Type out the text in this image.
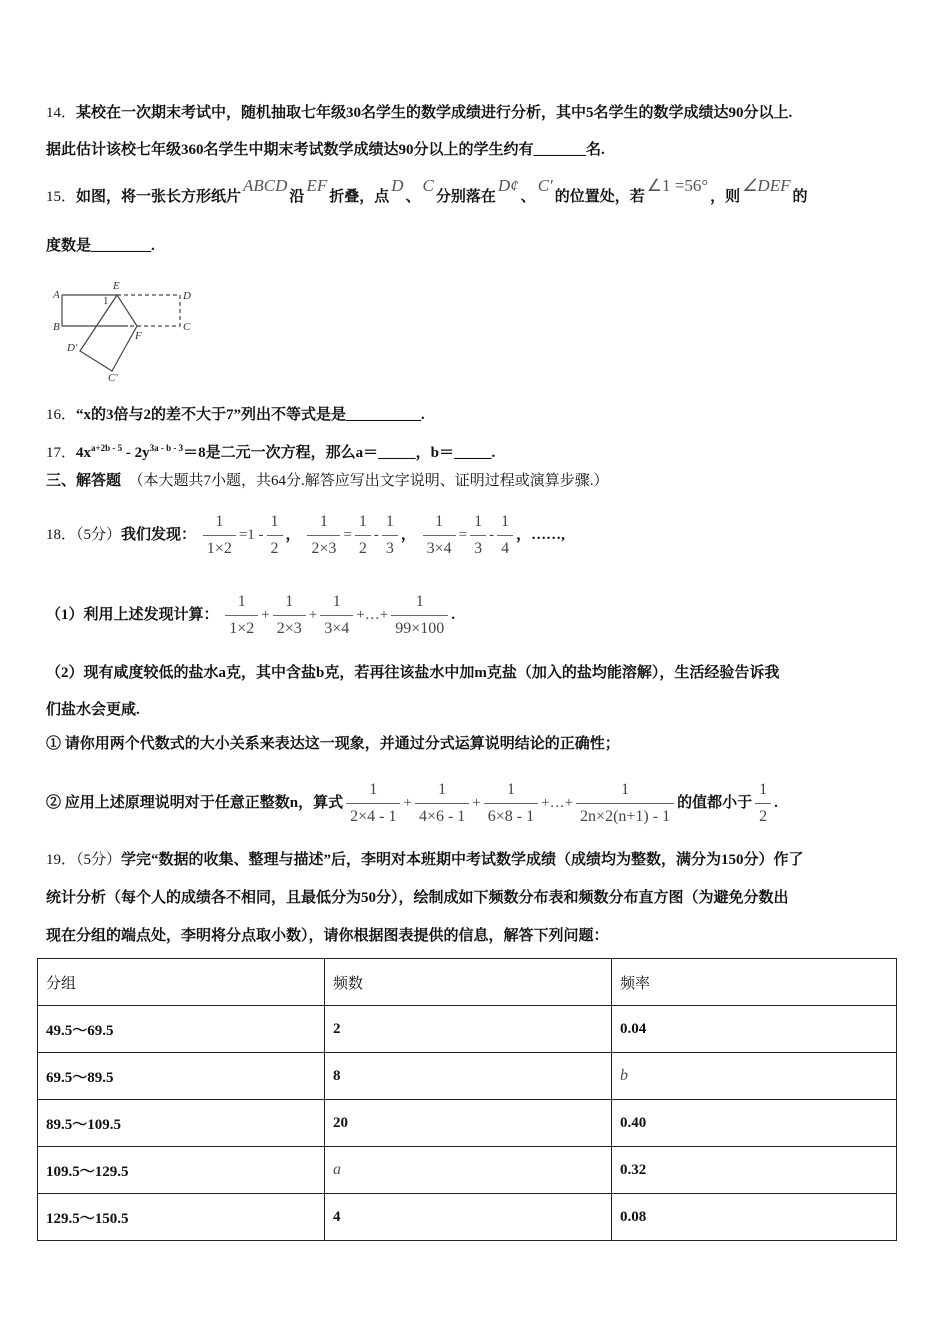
14．某校在一次期末考试中，随机抽取七年级30名学生的数学成绩进行分析，其中5名学生的数学成绩达90分以上.
据此估计该校七年级360名学生中期末考试数学成绩达90分以上的学生约有_______名.
15．如图，将一张长方形纸片ABCD沿EF折叠，点D、C分别落在D¢、C′的位置处，若∠1 =56°，则∠DEF的
度数是________.
A
E
D
B	C
F
D'
C'
1
16．“x的3倍与2的差不大于7”列出不等式是是__________.
17．$4x^{a+2b - 5} - 2y^{3a - b - 3}=8$是二元一次方程，那么a＝_____，b＝_____.
三、解答题 （本大题共7小题，共64分.解答应写出文字说明、证明过程或演算步骤.）
18．（5分）我们发现： $\frac{1}{1\times 2} =1 - \frac{1}{2}$ ， $\frac{1}{2\times 3} = \frac{1}{2} - \frac{1}{3}$ ， $\frac{1}{3\times 4} = \frac{1}{3} - \frac{1}{4}$ ，……,
（1）利用上述发现计算： $\frac{1}{1\times 2} + \frac{1}{2\times 3} + \frac{1}{3\times 4}$ +…+ $\frac{1}{99\times 100}$ .
（2）现有咸度较低的盐水a克，其中含盐b克，若再往该盐水中加m克盐（加入的盐均能溶解），生活经验告诉我
们盐水会更咸.
① 请你用两个代数式的大小关系来表达这一现象，并通过分式运算说明结论的正确性；
② 应用上述原理说明对于任意正整数n，算式 $\frac{1}{2\times 4 - 1} + \frac{1}{4\times 6 - 1} + \frac{1}{6\times 8 - 1}$ +…+ $\frac{1}{2n\times 2(n+1) - 1}$ 的值都小于 $\frac{1}{2}$ .
19．（5分）学完“数据的收集、整理与描述”后，李明对本班期中考试数学成绩（成绩均为整数，满分为150分）作了
统计分析（每个人的成绩各不相同，且最低分为50分），绘制成如下频数分布表和频数分布直方图（为避免分数出
现在分组的端点处，李明将分点取小数），请你根据图表提供的信息，解答下列问题：
分组	频数	频率
49.5～69.5	2	0.04
69.5～89.5	8	b
89.5～109.5	20	0.40
109.5～129.5	a	0.32
129.5～150.5	4	0.08
